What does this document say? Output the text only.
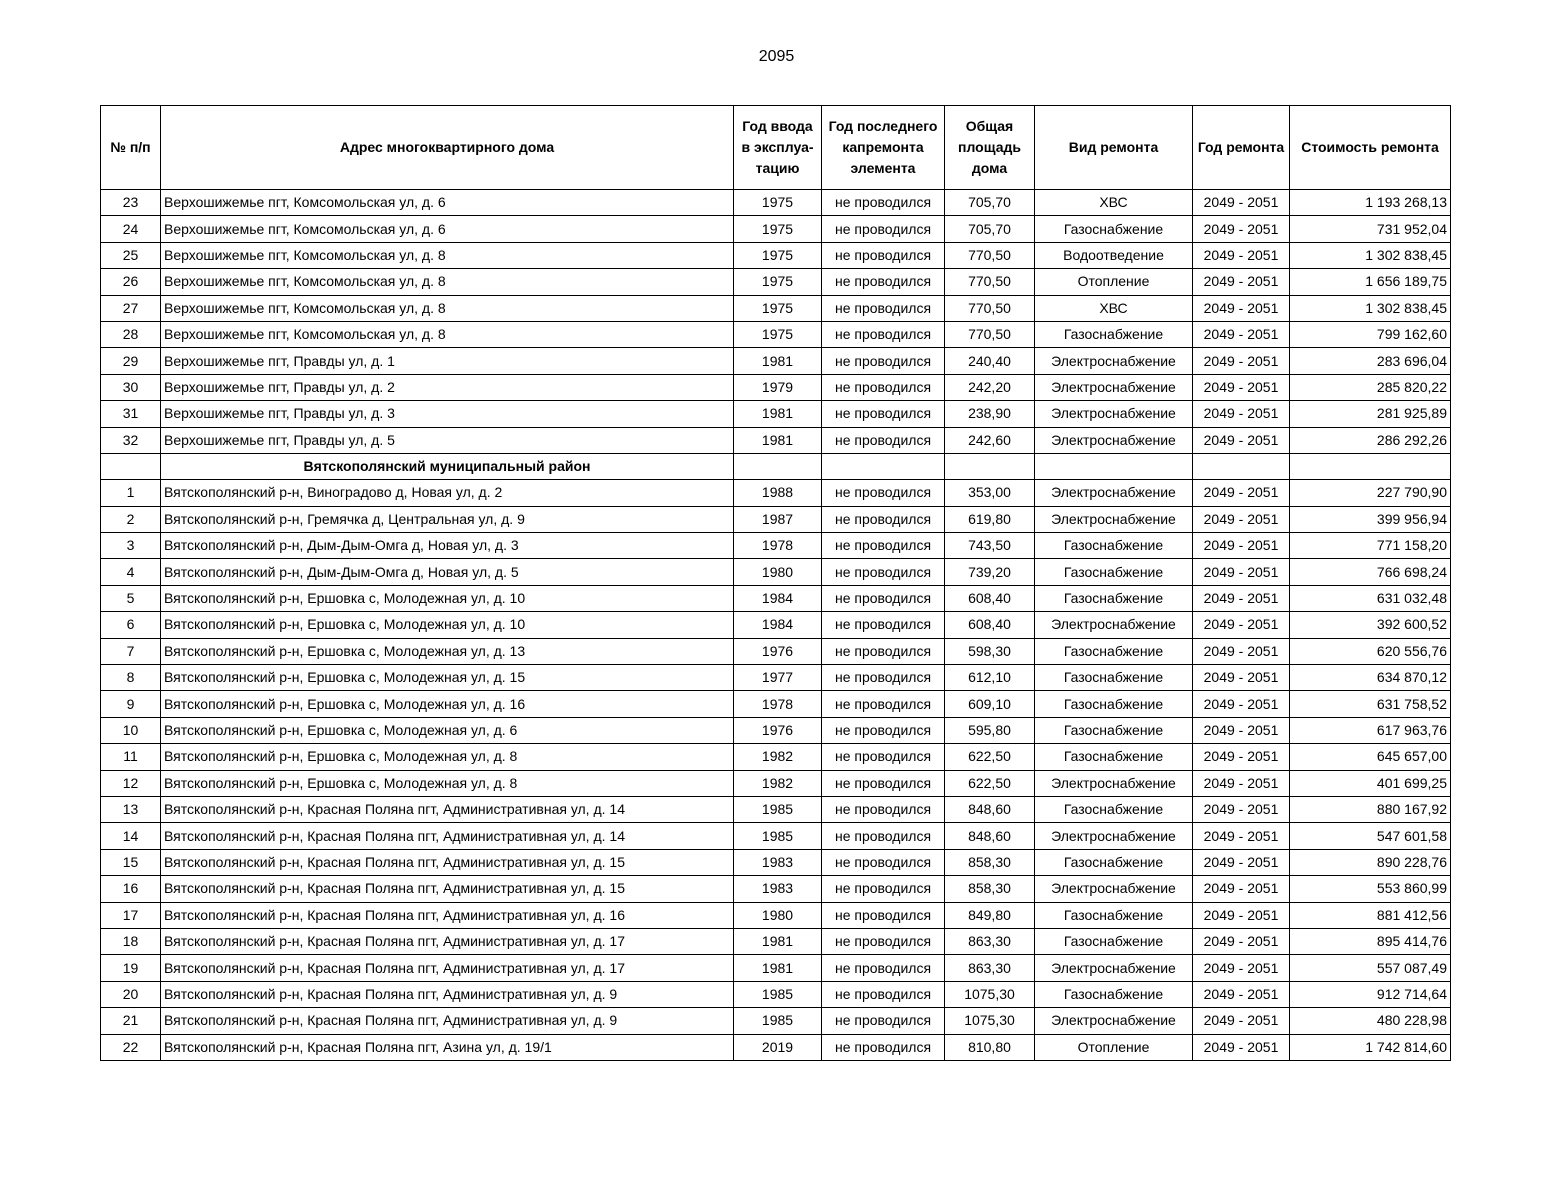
2095
№ п/п	Адрес многоквартирного дома	Год ввода в эксплуа-тацию	Год последнего капремонта элемента	Общая площадь дома	Вид ремонта	Год ремонта	Стоимость ремонта
23	Верхошижемье пгт, Комсомольская ул, д. 6	1975	не проводился	705,70	ХВС	2049 - 2051	1 193 268,13
24	Верхошижемье пгт, Комсомольская ул, д. 6	1975	не проводился	705,70	Газоснабжение	2049 - 2051	731 952,04
25	Верхошижемье пгт, Комсомольская ул, д. 8	1975	не проводился	770,50	Водоотведение	2049 - 2051	1 302 838,45
26	Верхошижемье пгт, Комсомольская ул, д. 8	1975	не проводился	770,50	Отопление	2049 - 2051	1 656 189,75
27	Верхошижемье пгт, Комсомольская ул, д. 8	1975	не проводился	770,50	ХВС	2049 - 2051	1 302 838,45
28	Верхошижемье пгт, Комсомольская ул, д. 8	1975	не проводился	770,50	Газоснабжение	2049 - 2051	799 162,60
29	Верхошижемье пгт, Правды ул, д. 1	1981	не проводился	240,40	Электроснабжение	2049 - 2051	283 696,04
30	Верхошижемье пгт, Правды ул, д. 2	1979	не проводился	242,20	Электроснабжение	2049 - 2051	285 820,22
31	Верхошижемье пгт, Правды ул, д. 3	1981	не проводился	238,90	Электроснабжение	2049 - 2051	281 925,89
32	Верхошижемье пгт, Правды ул, д. 5	1981	не проводился	242,60	Электроснабжение	2049 - 2051	286 292,26
	Вятскополянский муниципальный район						
1	Вятскополянский р-н, Виноградово д, Новая ул, д. 2	1988	не проводился	353,00	Электроснабжение	2049 - 2051	227 790,90
2	Вятскополянский р-н, Гремячка д, Центральная ул, д. 9	1987	не проводился	619,80	Электроснабжение	2049 - 2051	399 956,94
3	Вятскополянский р-н, Дым-Дым-Омга д, Новая ул, д. 3	1978	не проводился	743,50	Газоснабжение	2049 - 2051	771 158,20
4	Вятскополянский р-н, Дым-Дым-Омга д, Новая ул, д. 5	1980	не проводился	739,20	Газоснабжение	2049 - 2051	766 698,24
5	Вятскополянский р-н, Ершовка с, Молодежная ул, д. 10	1984	не проводился	608,40	Газоснабжение	2049 - 2051	631 032,48
6	Вятскополянский р-н, Ершовка с, Молодежная ул, д. 10	1984	не проводился	608,40	Электроснабжение	2049 - 2051	392 600,52
7	Вятскополянский р-н, Ершовка с, Молодежная ул, д. 13	1976	не проводился	598,30	Газоснабжение	2049 - 2051	620 556,76
8	Вятскополянский р-н, Ершовка с, Молодежная ул, д. 15	1977	не проводился	612,10	Газоснабжение	2049 - 2051	634 870,12
9	Вятскополянский р-н, Ершовка с, Молодежная ул, д. 16	1978	не проводился	609,10	Газоснабжение	2049 - 2051	631 758,52
10	Вятскополянский р-н, Ершовка с, Молодежная ул, д. 6	1976	не проводился	595,80	Газоснабжение	2049 - 2051	617 963,76
11	Вятскополянский р-н, Ершовка с, Молодежная ул, д. 8	1982	не проводился	622,50	Газоснабжение	2049 - 2051	645 657,00
12	Вятскополянский р-н, Ершовка с, Молодежная ул, д. 8	1982	не проводился	622,50	Электроснабжение	2049 - 2051	401 699,25
13	Вятскополянский р-н, Красная Поляна пгт, Административная ул, д. 14	1985	не проводился	848,60	Газоснабжение	2049 - 2051	880 167,92
14	Вятскополянский р-н, Красная Поляна пгт, Административная ул, д. 14	1985	не проводился	848,60	Электроснабжение	2049 - 2051	547 601,58
15	Вятскополянский р-н, Красная Поляна пгт, Административная ул, д. 15	1983	не проводился	858,30	Газоснабжение	2049 - 2051	890 228,76
16	Вятскополянский р-н, Красная Поляна пгт, Административная ул, д. 15	1983	не проводился	858,30	Электроснабжение	2049 - 2051	553 860,99
17	Вятскополянский р-н, Красная Поляна пгт, Административная ул, д. 16	1980	не проводился	849,80	Газоснабжение	2049 - 2051	881 412,56
18	Вятскополянский р-н, Красная Поляна пгт, Административная ул, д. 17	1981	не проводился	863,30	Газоснабжение	2049 - 2051	895 414,76
19	Вятскополянский р-н, Красная Поляна пгт, Административная ул, д. 17	1981	не проводился	863,30	Электроснабжение	2049 - 2051	557 087,49
20	Вятскополянский р-н, Красная Поляна пгт, Административная ул, д. 9	1985	не проводился	1075,30	Газоснабжение	2049 - 2051	912 714,64
21	Вятскополянский р-н, Красная Поляна пгт, Административная ул, д. 9	1985	не проводился	1075,30	Электроснабжение	2049 - 2051	480 228,98
22	Вятскополянский р-н, Красная Поляна пгт, Азина ул, д. 19/1	2019	не проводился	810,80	Отопление	2049 - 2051	1 742 814,60
